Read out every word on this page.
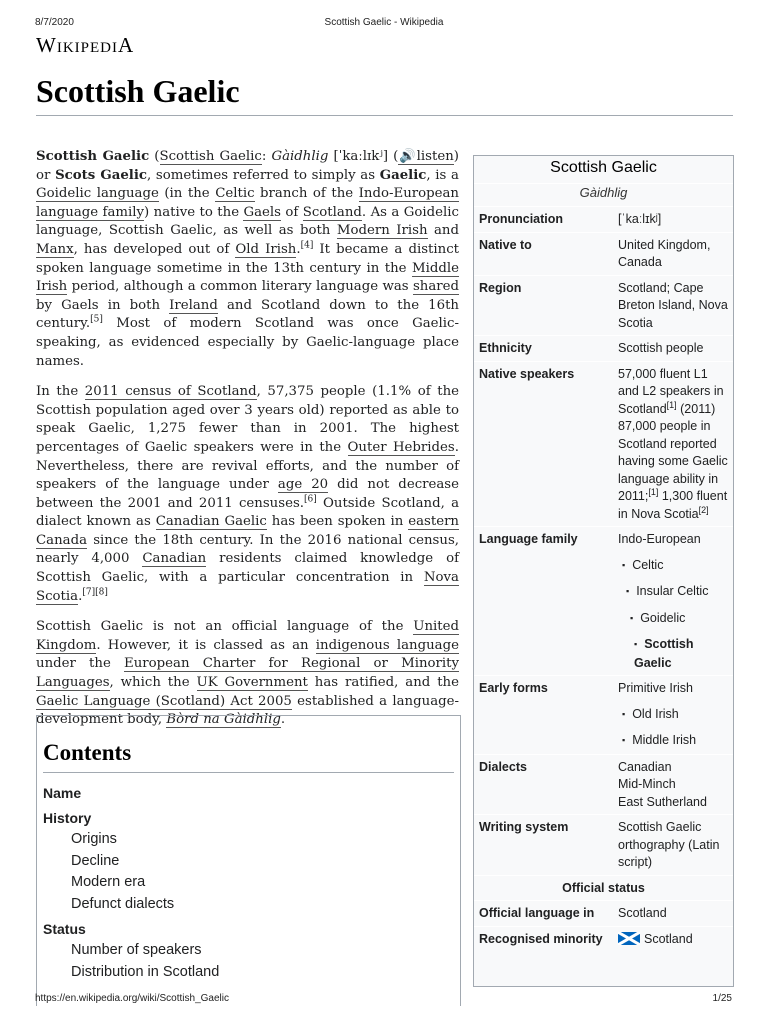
8/7/2020	Scottish Gaelic - Wikipedia
WIKIPEDIA
Scottish Gaelic

Scottish Gaelic (Scottish Gaelic: Gàidhlig [ˈkaːlɪkʲ] (🔊listen) or Scots Gaelic, sometimes referred to simply as Gaelic, is a Goidelic language (in the Celtic branch of the Indo-European language family) native to the Gaels of Scotland. As a Goidelic language, Scottish Gaelic, as well as both Modern Irish and Manx, has developed out of Old Irish.[4] It became a distinct spoken language sometime in the 13th century in the Middle Irish period, although a common literary language was shared by Gaels in both Ireland and Scotland down to the 16th century.[5] Most of modern Scotland was once Gaelic-speaking, as evidenced especially by Gaelic-language place names.

In the 2011 census of Scotland, 57,375 people (1.1% of the Scottish population aged over 3 years old) reported as able to speak Gaelic, 1,275 fewer than in 2001. The highest percentages of Gaelic speakers were in the Outer Hebrides. Nevertheless, there are revival efforts, and the number of speakers of the language under age 20 did not decrease between the 2001 and 2011 censuses.[6] Outside Scotland, a dialect known as Canadian Gaelic has been spoken in eastern Canada since the 18th century. In the 2016 national census, nearly 4,000 Canadian residents claimed knowledge of Scottish Gaelic, with a particular concentration in Nova Scotia.[7][8]

Scottish Gaelic is not an official language of the United Kingdom. However, it is classed as an indigenous language under the European Charter for Regional or Minority Languages, which the UK Government has ratified, and the Gaelic Language (Scotland) Act 2005 established a language-development body, Bòrd na Gàidhlig.

Contents
Name
History
Origins
Decline
Modern era
Defunct dialects
Status
Number of speakers
Distribution in Scotland
Scottish Gaelic
Gàidhlig
Pronunciation	[ˈkaːlɪkʲ]
Native to	United Kingdom, Canada
Region	Scotland; Cape Breton Island, Nova Scotia
Ethnicity	Scottish people
Native speakers	57,000 fluent L1 and L2 speakers in Scotland[1] (2011) 87,000 people in Scotland reported having some Gaelic language ability in 2011;[1] 1,300 fluent in Nova Scotia[2]
Language family	Indo-European
▪ Celtic
▪ Insular Celtic
▪ Goidelic
▪ Scottish Gaelic
Early forms	Primitive Irish
▪ Old Irish
▪ Middle Irish
Dialects	Canadian
Mid-Minch
East Sutherland
Writing system	Scottish Gaelic orthography (Latin script)
Official status
Official language in	Scotland
Recognised minority	Scotland
https://en.wikipedia.org/wiki/Scottish_Gaelic	1/25
